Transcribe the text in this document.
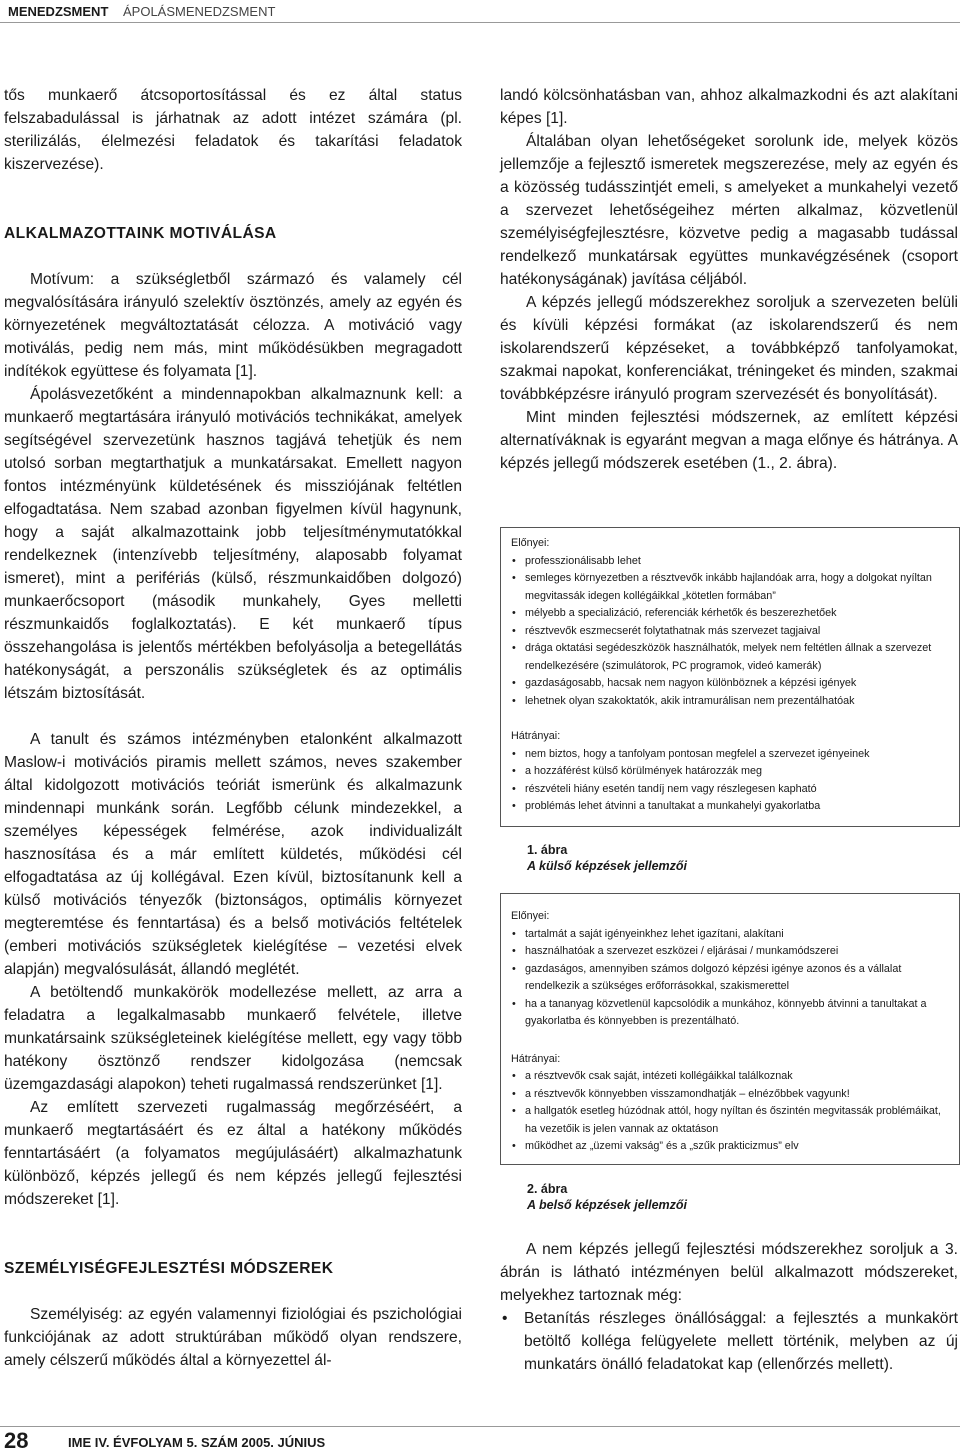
MENEDZSMENT ÁPOLÁSMENEDZSMENT

tős munkaerő átcsoportosítással és ez által status felszabadulással is járhatnak az adott intézet számára (pl. sterilizálás, élelmezési feladatok és takarítási feladatok kiszervezése).

ALKALMAZOTTAINK MOTIVÁLÁSA

Motívum: a szükségletből származó és valamely cél megvalósítására irányuló szelektív ösztönzés, amely az egyén és környezetének megváltoztatását célozza. A motiváció vagy motiválás, pedig nem más, mint működésükben megragadott indítékok együttese és folyamata [1].

Ápolásvezetőként a mindennapokban alkalmaznunk kell: a munkaerő megtartására irányuló motivációs technikákat, amelyek segítségével szervezetünk hasznos tagjává tehetjük és nem utolsó sorban megtarthatjuk a munkatársakat. Emellett nagyon fontos intézményünk küldetésének és missziójának feltétlen elfogadtatása. Nem szabad azonban figyelmen kívül hagynunk, hogy a saját alkalmazottaink jobb teljesítménymutatókkal rendelkeznek (intenzívebb teljesítmény, alaposabb folyamat ismeret), mint a perifériás (külső, részmunkaidőben dolgozó) munkaerőcsoport (második munkahely, Gyes melletti részmunkaidős foglalkoztatás). E két munkaerő típus összehangolása is jelentős mértékben befolyásolja a betegellátás hatékonyságát, a perszonális szükségletek és az optimális létszám biztosítását.

A tanult és számos intézményben etalonként alkalmazott Maslow-i motivációs piramis mellett számos, neves szakember által kidolgozott motivációs teóriát ismerünk és alkalmazunk mindennapi munkánk során. Legfőbb célunk mindezekkel, a személyes képességek felmérése, azok individualizált hasznosítása és a már említett küldetés, működési cél elfogadtatása az új kollégával. Ezen kívül, biztosítanunk kell a külső motivációs tényezők (biztonságos, optimális környezet megteremtése és fenntartása) és a belső motivációs feltételek (emberi motivációs szükségletek kielégítése – vezetési elvek alapján) megvalósulását, állandó meglétét.

A betöltendő munkakörök modellezése mellett, az arra a feladatra a legalkalmasabb munkaerő felvétele, illetve munkatársaink szükségleteinek kielégítése mellett, egy vagy több hatékony ösztönző rendszer kidolgozása (nemcsak üzemgazdasági alapokon) teheti rugalmassá rendszerünket [1].

Az említett szervezeti rugalmasság megőrzéséért, a munkaerő megtartásáért és ez által a hatékony működés fenntartásáért (a folyamatos megújulásáért) alkalmazhatunk különböző, képzés jellegű és nem képzés jellegű fejlesztési módszereket [1].

SZEMÉLYISÉGFEJLESZTÉSI MÓDSZEREK

Személyiség: az egyén valamennyi fiziológiai és pszichológiai funkciójának az adott struktúrában működő olyan rendszere, amely célszerű működés által a környezettel ál-

landó kölcsönhatásban van, ahhoz alkalmazkodni és azt alakítani képes [1].

Általában olyan lehetőségeket sorolunk ide, melyek közös jellemzője a fejlesztő ismeretek megszerezése, mely az egyén és a közösség tudásszintjét emeli, s amelyeket a munkahelyi vezető a szervezet lehetőségeihez mérten alkalmaz, közvetlenül személyiségfejlesztésre, közvetve pedig a magasabb tudással rendelkező munkatársak együttes munkavégzésének (csoport hatékonyságának) javítása céljából.

A képzés jellegű módszerekhez soroljuk a szervezeten belüli és kívüli képzési formákat (az iskolarendszerű és nem iskolarendszerű képzéseket, a továbbképző tanfolyamokat, szakmai napokat, konferenciákat, tréningeket és minden, szakmai továbbképzésre irányuló program szervezését és bonyolítását).

Mint minden fejlesztési módszernek, az említett képzési alternatíváknak is egyaránt megvan a maga előnye és hátránya. A képzés jellegű módszerek esetében (1., 2. ábra).

Előnyei:
• professzionálisabb lehet
• semleges környezetben a résztvevők inkább hajlandóak arra, hogy a dolgokat nyíltan megvitassák idegen kollégáikkal „kötetlen formában”
• mélyebb a specializáció, referenciák kérhetők és beszerezhetőek
• résztvevők eszmecserét folytathatnak más szervezet tagjaival
• drága oktatási segédeszközök használhatók, melyek nem feltétlen állnak a szervezet rendelkezésére (szimulátorok, PC programok, videó kamerák)
• gazdaságosabb, hacsak nem nagyon különböznek a képzési igények
• lehetnek olyan szakoktatók, akik intramurálisan nem prezentálhatóak
Hátrányai:
• nem biztos, hogy a tanfolyam pontosan megfelel a szervezet igényeinek
• a hozzáférést külső körülmények határozzák meg
• részvételi hiány esetén tandíj nem vagy részlegesen kapható
• problémás lehet átvinni a tanultakat a munkahelyi gyakorlatba
1. ábra
A külső képzések jellemzői
Előnyei:
• tartalmát a saját igényeinkhez lehet igazítani, alakítani
• használhatóak a szervezet eszközei / eljárásai / munkamódszerei
• gazdaságos, amennyiben számos dolgozó képzési igénye azonos és a vállalat rendelkezik a szükséges erőforrásokkal, szakismerettel
• ha a tananyag közvetlenül kapcsolódik a munkához, könnyebb átvinni a tanultakat a gyakorlatba és könnyebben is prezentálható.
Hátrányai:
• a résztvevők csak saját, intézeti kollégáikkal találkoznak
• a résztvevők könnyebben visszamondhatják – elnézőbbek vagyunk!
• a hallgatók esetleg húzódnak attól, hogy nyíltan és őszintén megvitassák problémáikat, ha vezetőik is jelen vannak az oktatáson
• működhet az „üzemi vakság” és a „szűk prakticizmus” elv
2. ábra
A belső képzések jellemzői

A nem képzés jellegű fejlesztési módszerekhez soroljuk a 3. ábrán is látható intézményen belül alkalmazott módszereket, melyekhez tartoznak még:

• Betanítás részleges önállósággal: a fejlesztés a munkakört betöltő kolléga felügyelete mellett történik, melyben az új munkatárs önálló feladatokat kap (ellenőrzés mellett).
28	IME IV. ÉVFOLYAM 5. SZÁM 2005. JÚNIUS
